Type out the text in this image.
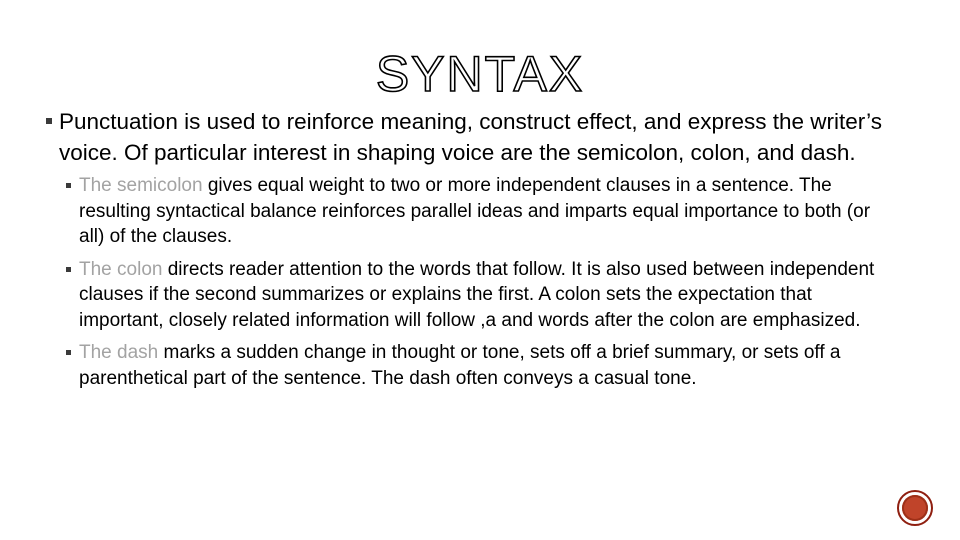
SYNTAX
Punctuation is used to reinforce meaning, construct effect, and express the writer’s voice. Of particular interest in shaping voice are the semicolon, colon, and dash.
The semicolon gives equal weight to two or more independent clauses in a sentence. The resulting syntactical balance reinforces parallel ideas and imparts equal importance to both (or all) of the clauses.
The colon directs reader attention to the words that follow. It is also used between independent clauses if the second summarizes or explains the first. A colon sets the expectation that important, closely related information will follow ,a and words after the colon are emphasized.
The dash marks a sudden change in thought or tone, sets off a brief summary, or sets off a parenthetical part of the sentence. The dash often conveys a casual tone.
